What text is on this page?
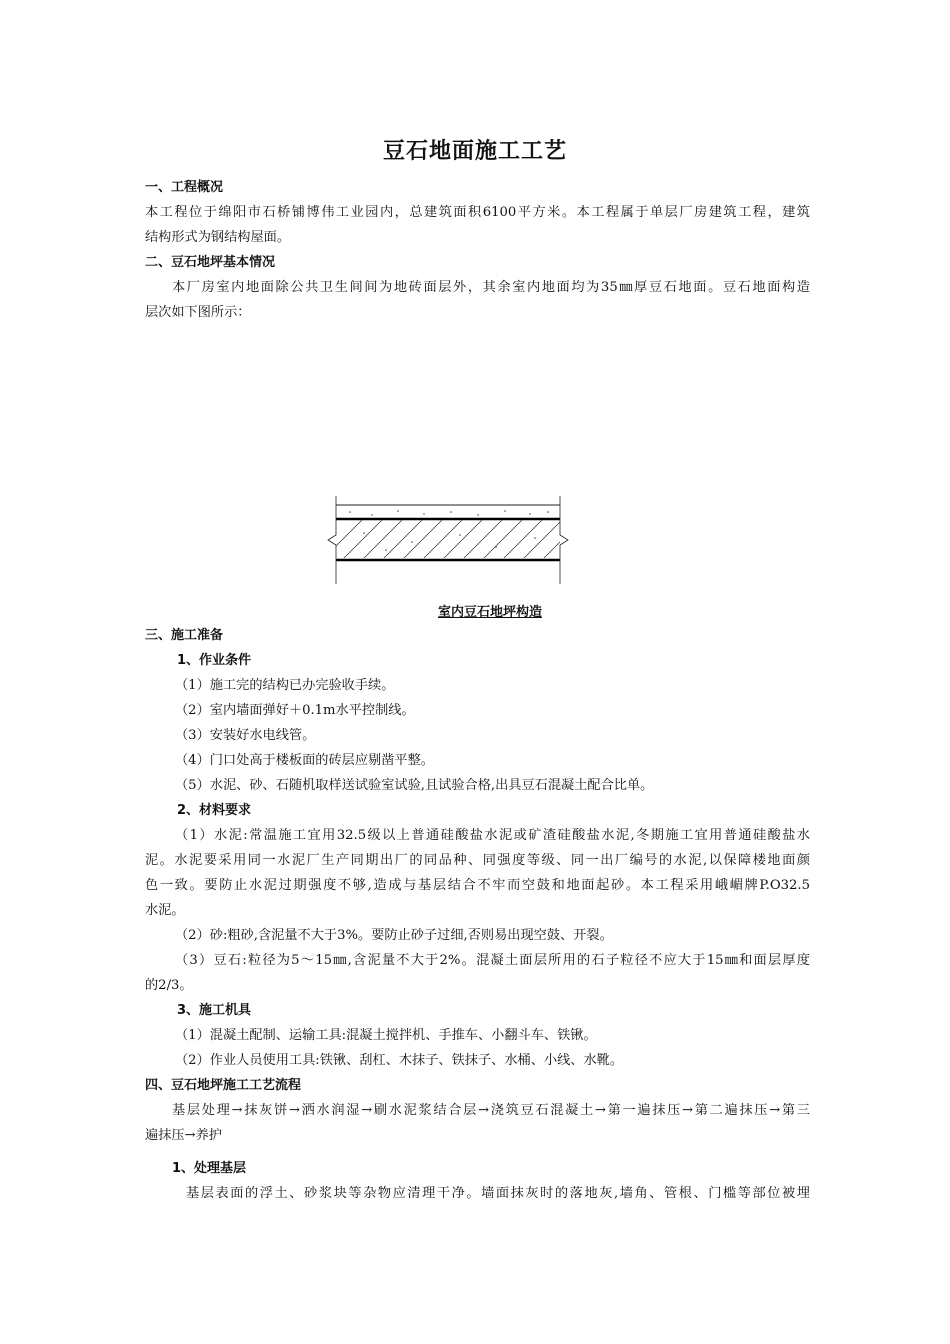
豆石地面施工工艺
一、工程概况
本工程位于绵阳市石桥铺博伟工业园内，总建筑面积6100平方米。本工程属于单层厂房建筑工程，建筑
结构形式为钢结构屋面。
二、豆石地坪基本情况
本厂房室内地面除公共卫生间间为地砖面层外，其余室内地面均为35㎜厚豆石地面。豆石地面构造
层次如下图所示：
室内豆石地坪构造
三、施工准备
1、作业条件
（1）施工完的结构已办完验收手续。
（2）室内墙面弹好＋0.1m水平控制线。
（3）安装好水电线管。
（4）门口处高于楼板面的砖层应剔凿平整。
（5）水泥、砂、石随机取样送试验室试验,且试验合格,出具豆石混凝土配合比单。
2、材料要求
（1）水泥:常温施工宜用32.5级以上普通硅酸盐水泥或矿渣硅酸盐水泥,冬期施工宜用普通硅酸盐水
泥。水泥要采用同一水泥厂生产同期出厂的同品种、同强度等级、同一出厂编号的水泥,以保障楼地面颜
色一致。要防止水泥过期强度不够,造成与基层结合不牢而空鼓和地面起砂。本工程采用峨嵋牌P.O32.5
水泥。
（2）砂:粗砂,含泥量不大于3%。要防止砂子过细,否则易出现空鼓、开裂。
（3）豆石:粒径为5～15㎜,含泥量不大于2%。混凝土面层所用的石子粒径不应大于15㎜和面层厚度
的2/3。
3、施工机具
（1）混凝土配制、运输工具:混凝土搅拌机、手推车、小翻斗车、铁锹。
（2）作业人员使用工具:铁锹、刮杠、木抹子、铁抹子、水桶、小线、水靴。
四、豆石地坪施工工艺流程
基层处理→抹灰饼→洒水润湿→刷水泥浆结合层→浇筑豆石混凝土→第一遍抹压→第二遍抹压→第三
遍抹压→养护
1、处理基层
基层表面的浮土、砂浆块等杂物应清理干净。墙面抹灰时的落地灰,墙角、管根、门槛等部位被埋
